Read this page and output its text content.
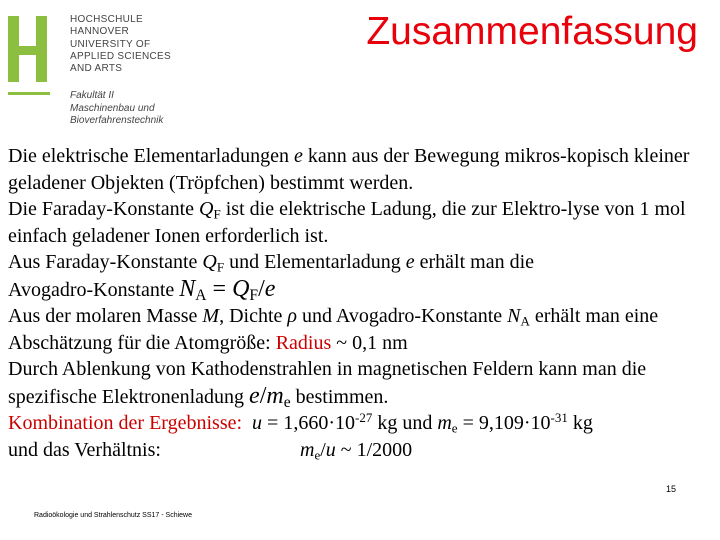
HOCHSCHULE
HANNOVER
UNIVERSITY OF
APPLIED SCIENCES
AND ARTS
Fakultät II
Maschinenbau und
Bioverfahrenstechnik
Zusammenfassung

Die elektrische Elementarladungen e kann aus der Bewegung mikros-kopisch kleiner geladener Objekten (Tröpfchen) bestimmt werden.

Die Faraday-Konstante $Q_F$ ist die elektrische Ladung, die zur Elektro-lyse von 1 mol einfach geladener Ionen erforderlich ist.

Aus Faraday-Konstante $Q_F$ und Elementarladung e erhält man die

Avogadro-Konstante $N_A = Q_F/e$

Aus der molaren Masse M, Dichte ρ und Avogadro-Konstante $N_A$ erhält man eine Abschätzung für die Atomgröße: Radius ~ 0,1 nm

Durch Ablenkung von Kathodenstrahlen in magnetischen Feldern kann man die spezifische Elektronenladung $e/m_e$ bestimmen.

Kombination der Ergebnisse: $u = 1,660\cdot 10^{-27}$ kg und $m_e = 9,109\cdot 10^{-31}$ kg

und das Verhältnis:	$m_e/u$ ~ 1/2000

Radioökologie und Strahlenschutz SS17 - Schiewe
15
